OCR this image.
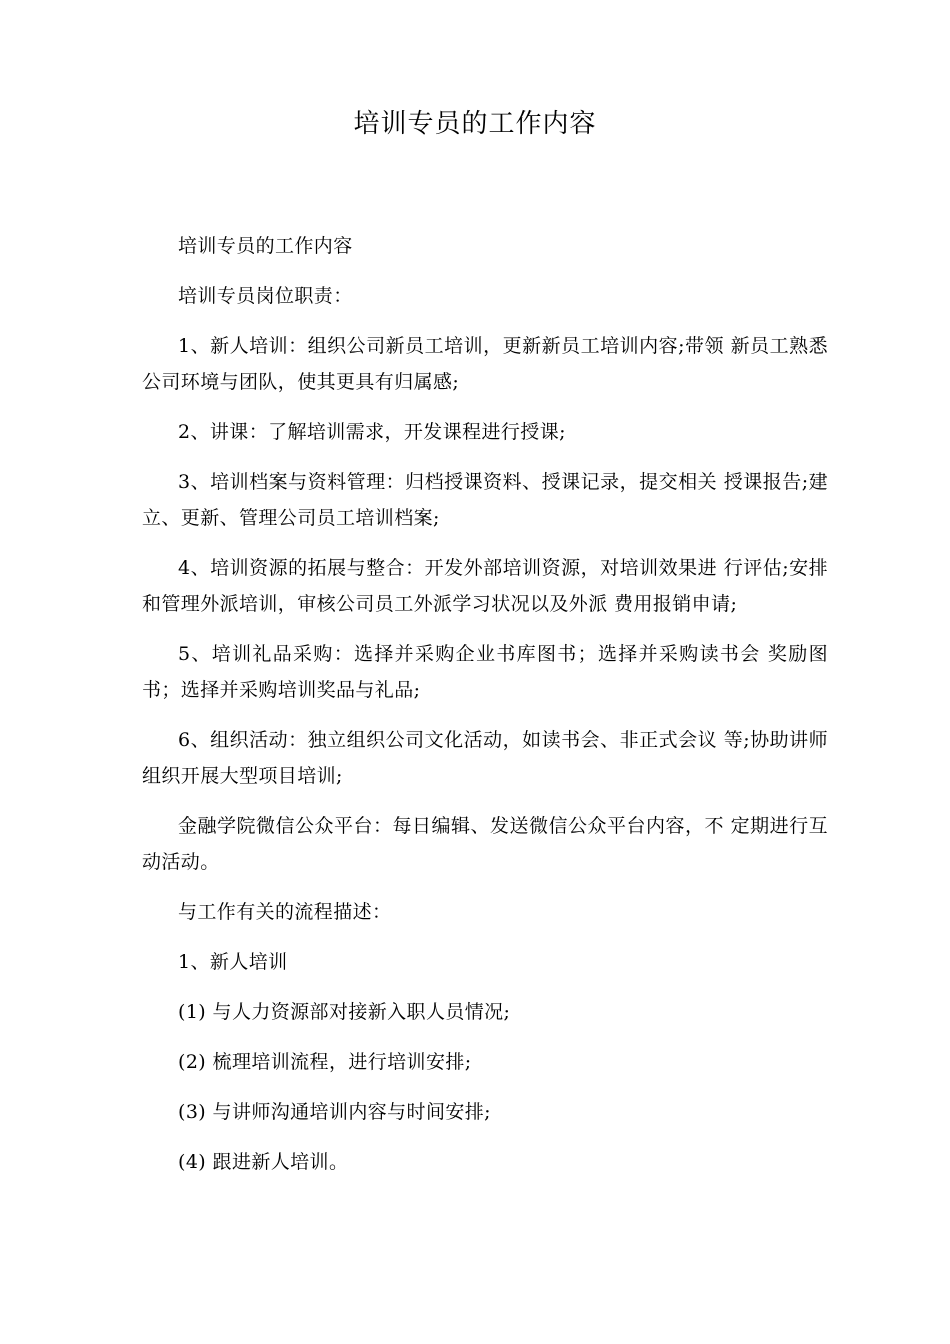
培训专员的工作内容

培训专员的工作内容

培训专员岗位职责：

1、新人培训：组织公司新员工培训，更新新员工培训内容;带领 新员工熟悉公司环境与团队，使其更具有归属感;

2、讲课：了解培训需求，开发课程进行授课;

3、培训档案与资料管理：归档授课资料、授课记录，提交相关 授课报告;建立、更新、管理公司员工培训档案;

4、培训资源的拓展与整合：开发外部培训资源，对培训效果进 行评估;安排和管理外派培训，审核公司员工外派学习状况以及外派 费用报销申请;

5、培训礼品采购：选择并采购企业书库图书；选择并采购读书会 奖励图书；选择并采购培训奖品与礼品;

6、组织活动：独立组织公司文化活动，如读书会、非正式会议 等;协助讲师组织开展大型项目培训;

金融学院微信公众平台：每日编辑、发送微信公众平台内容，不 定期进行互动活动。

与工作有关的流程描述：

1、新人培训

(1) 与人力资源部对接新入职人员情况;

(2) 梳理培训流程，进行培训安排;

(3) 与讲师沟通培训内容与时间安排;

(4) 跟进新人培训。
